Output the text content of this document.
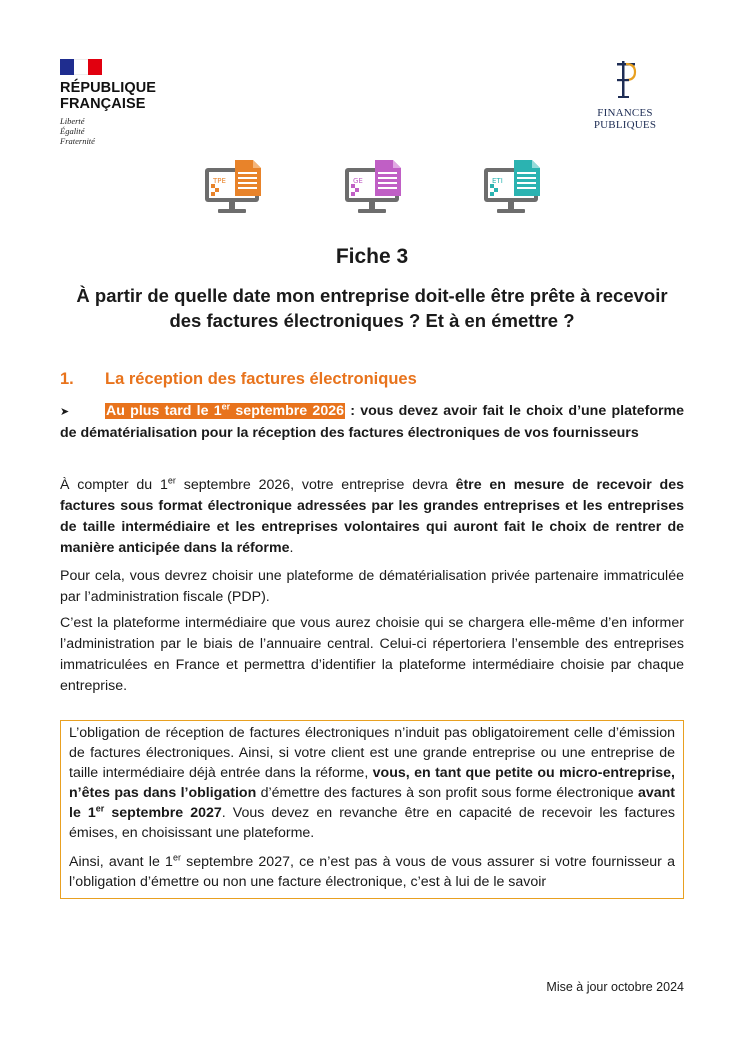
RÉPUBLIQUE
FRANÇAISE
Liberté
Égalité
Fraternité
FINANCES PUBLIQUES
TPE	GE	ETI
Fiche 3
À partir de quelle date mon entreprise doit-elle être prête à recevoir des factures électroniques ? Et à en émettre ?
1. La réception des factures électroniques
➤	Au plus tard le 1er septembre 2026 : vous devez avoir fait le choix d’une plateforme de dématérialisation pour la réception des factures électroniques de vos fournisseurs
À compter du 1er septembre 2026, votre entreprise devra être en mesure de recevoir des factures sous format électronique adressées par les grandes entreprises et les entreprises de taille intermédiaire et les entreprises volontaires qui auront fait le choix de rentrer de manière anticipée dans la réforme.
Pour cela, vous devrez choisir une plateforme de dématérialisation privée partenaire immatriculée par l’administration fiscale (PDP).
C’est la plateforme intermédiaire que vous aurez choisie qui se chargera elle-même d’en informer l’administration par le biais de l’annuaire central. Celui-ci répertoriera l’ensemble des entreprises immatriculées en France et permettra d’identifier la plateforme intermédiaire choisie par chaque entreprise.

L’obligation de réception de factures électroniques n’induit pas obligatoirement celle d’émission de factures électroniques. Ainsi, si votre client est une grande entreprise ou une entreprise de taille intermédiaire déjà entrée dans la réforme, vous, en tant que petite ou micro-entreprise, n’êtes pas dans l’obligation d’émettre des factures à son profit sous forme électronique avant le 1er septembre 2027. Vous devez en revanche être en capacité de recevoir les factures émises, en choisissant une plateforme.

Ainsi, avant le 1er septembre 2027, ce n’est pas à vous de vous assurer si votre fournisseur a l’obligation d’émettre ou non une facture électronique, c’est à lui de le savoir

Mise à jour octobre 2024
